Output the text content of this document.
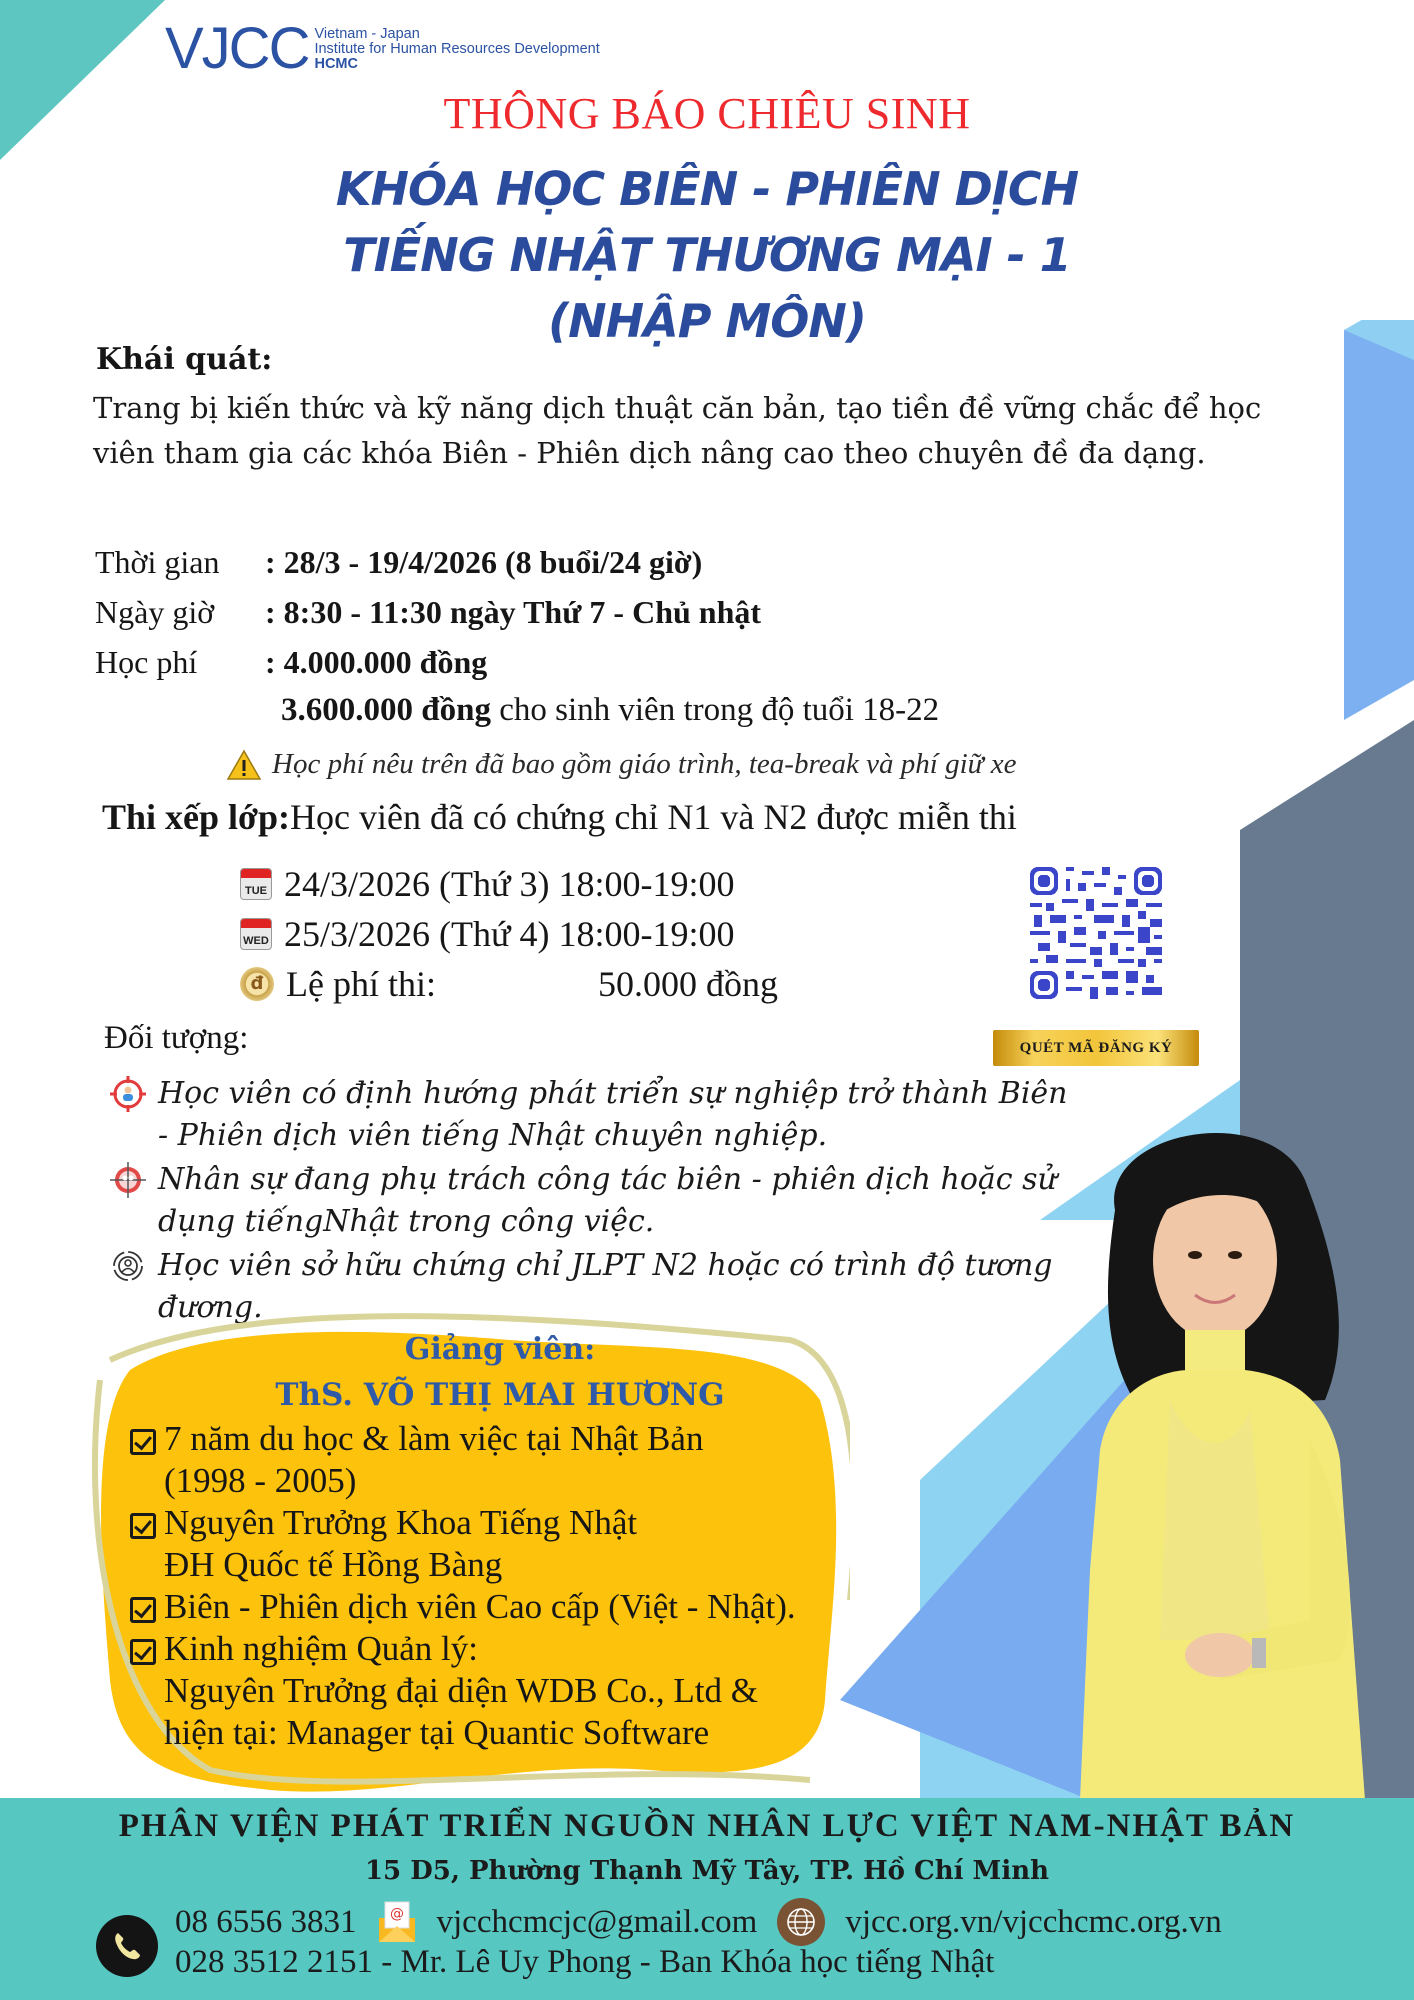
VJCC Vietnam - Japan
Institute for Human Resources Development
HCMC
THÔNG BÁO CHIÊU SINH
KHÓA HỌC BIÊN - PHIÊN DỊCH
TIẾNG NHẬT THƯƠNG MẠI - 1
(NHẬP MÔN)
Khái quát:
Trang bị kiến thức và kỹ năng dịch thuật căn bản, tạo tiền đề vững chắc để học viên tham gia các khóa Biên - Phiên dịch nâng cao theo chuyên đề đa dạng.
Thời gian	: 28/3 - 19/4/2026 (8 buổi/24 giờ)
Ngày giờ	: 8:30 - 11:30 ngày Thứ 7 - Chủ nhật
Học phí	: 4.000.000 đồng
3.600.000 đồng cho sinh viên trong độ tuổi 18-22
Học phí nêu trên đã bao gồm giáo trình, tea-break và phí giữ xe
Thi xếp lớp: Học viên đã có chứng chỉ N1 và N2 được miễn thi
TUE 24/3/2026 (Thứ 3) 18:00-19:00
WED 25/3/2026 (Thứ 4) 18:00-19:00
đ Lệ phí thi:	50.000 đồng
QUÉT MÃ ĐĂNG KÝ
Đối tượng:
Học viên có định hướng phát triển sự nghiệp trở thành Biên - Phiên dịch viên tiếng Nhật chuyên nghiệp.
Nhân sự đang phụ trách công tác biên - phiên dịch hoặc sử dụng tiếngNhật trong công việc.
Học viên sở hữu chứng chỉ JLPT N2 hoặc có trình độ tương đương.
Giảng viên:
ThS. VÕ THỊ MAI HƯƠNG
7 năm du học & làm việc tại Nhật Bản
(1998 - 2005)
Nguyên Trưởng Khoa Tiếng Nhật
ĐH Quốc tế Hồng Bàng
Biên - Phiên dịch viên Cao cấp (Việt - Nhật).
Kinh nghiệm Quản lý:
Nguyên Trưởng đại diện WDB Co., Ltd &
hiện tại: Manager tại Quantic Software
PHÂN VIỆN PHÁT TRIỂN NGUỒN NHÂN LỰC VIỆT NAM-NHẬT BẢN
15 D5, Phường Thạnh Mỹ Tây, TP. Hồ Chí Minh
08 6556 3831 @ vjcchcmcjc@gmail.com	vjcc.org.vn/vjcchcmc.org.vn
028 3512 2151 - Mr. Lê Uy Phong - Ban Khóa học tiếng Nhật
